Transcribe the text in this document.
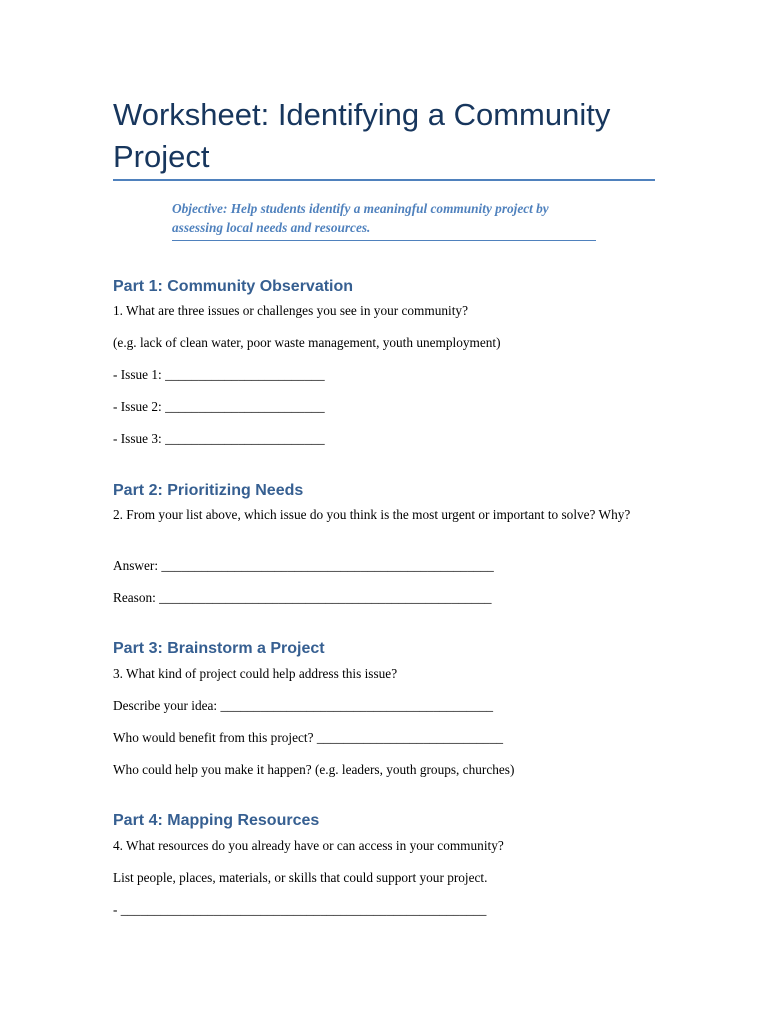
Worksheet: Identifying a Community Project
Objective: Help students identify a meaningful community project by assessing local needs and resources.
Part 1: Community Observation
1. What are three issues or challenges you see in your community?
(e.g. lack of clean water, poor waste management, youth unemployment)
- Issue 1: ________________________
- Issue 2: ________________________
- Issue 3: ________________________
Part 2: Prioritizing Needs
2. From your list above, which issue do you think is the most urgent or important to solve? Why?
Answer: __________________________________________________
Reason: __________________________________________________
Part 3: Brainstorm a Project
3. What kind of project could help address this issue?
Describe your idea: _________________________________________
Who would benefit from this project? ____________________________
Who could help you make it happen? (e.g. leaders, youth groups, churches)
Part 4: Mapping Resources
4. What resources do you already have or can access in your community?
List people, places, materials, or skills that could support your project.
- _______________________________________________________
